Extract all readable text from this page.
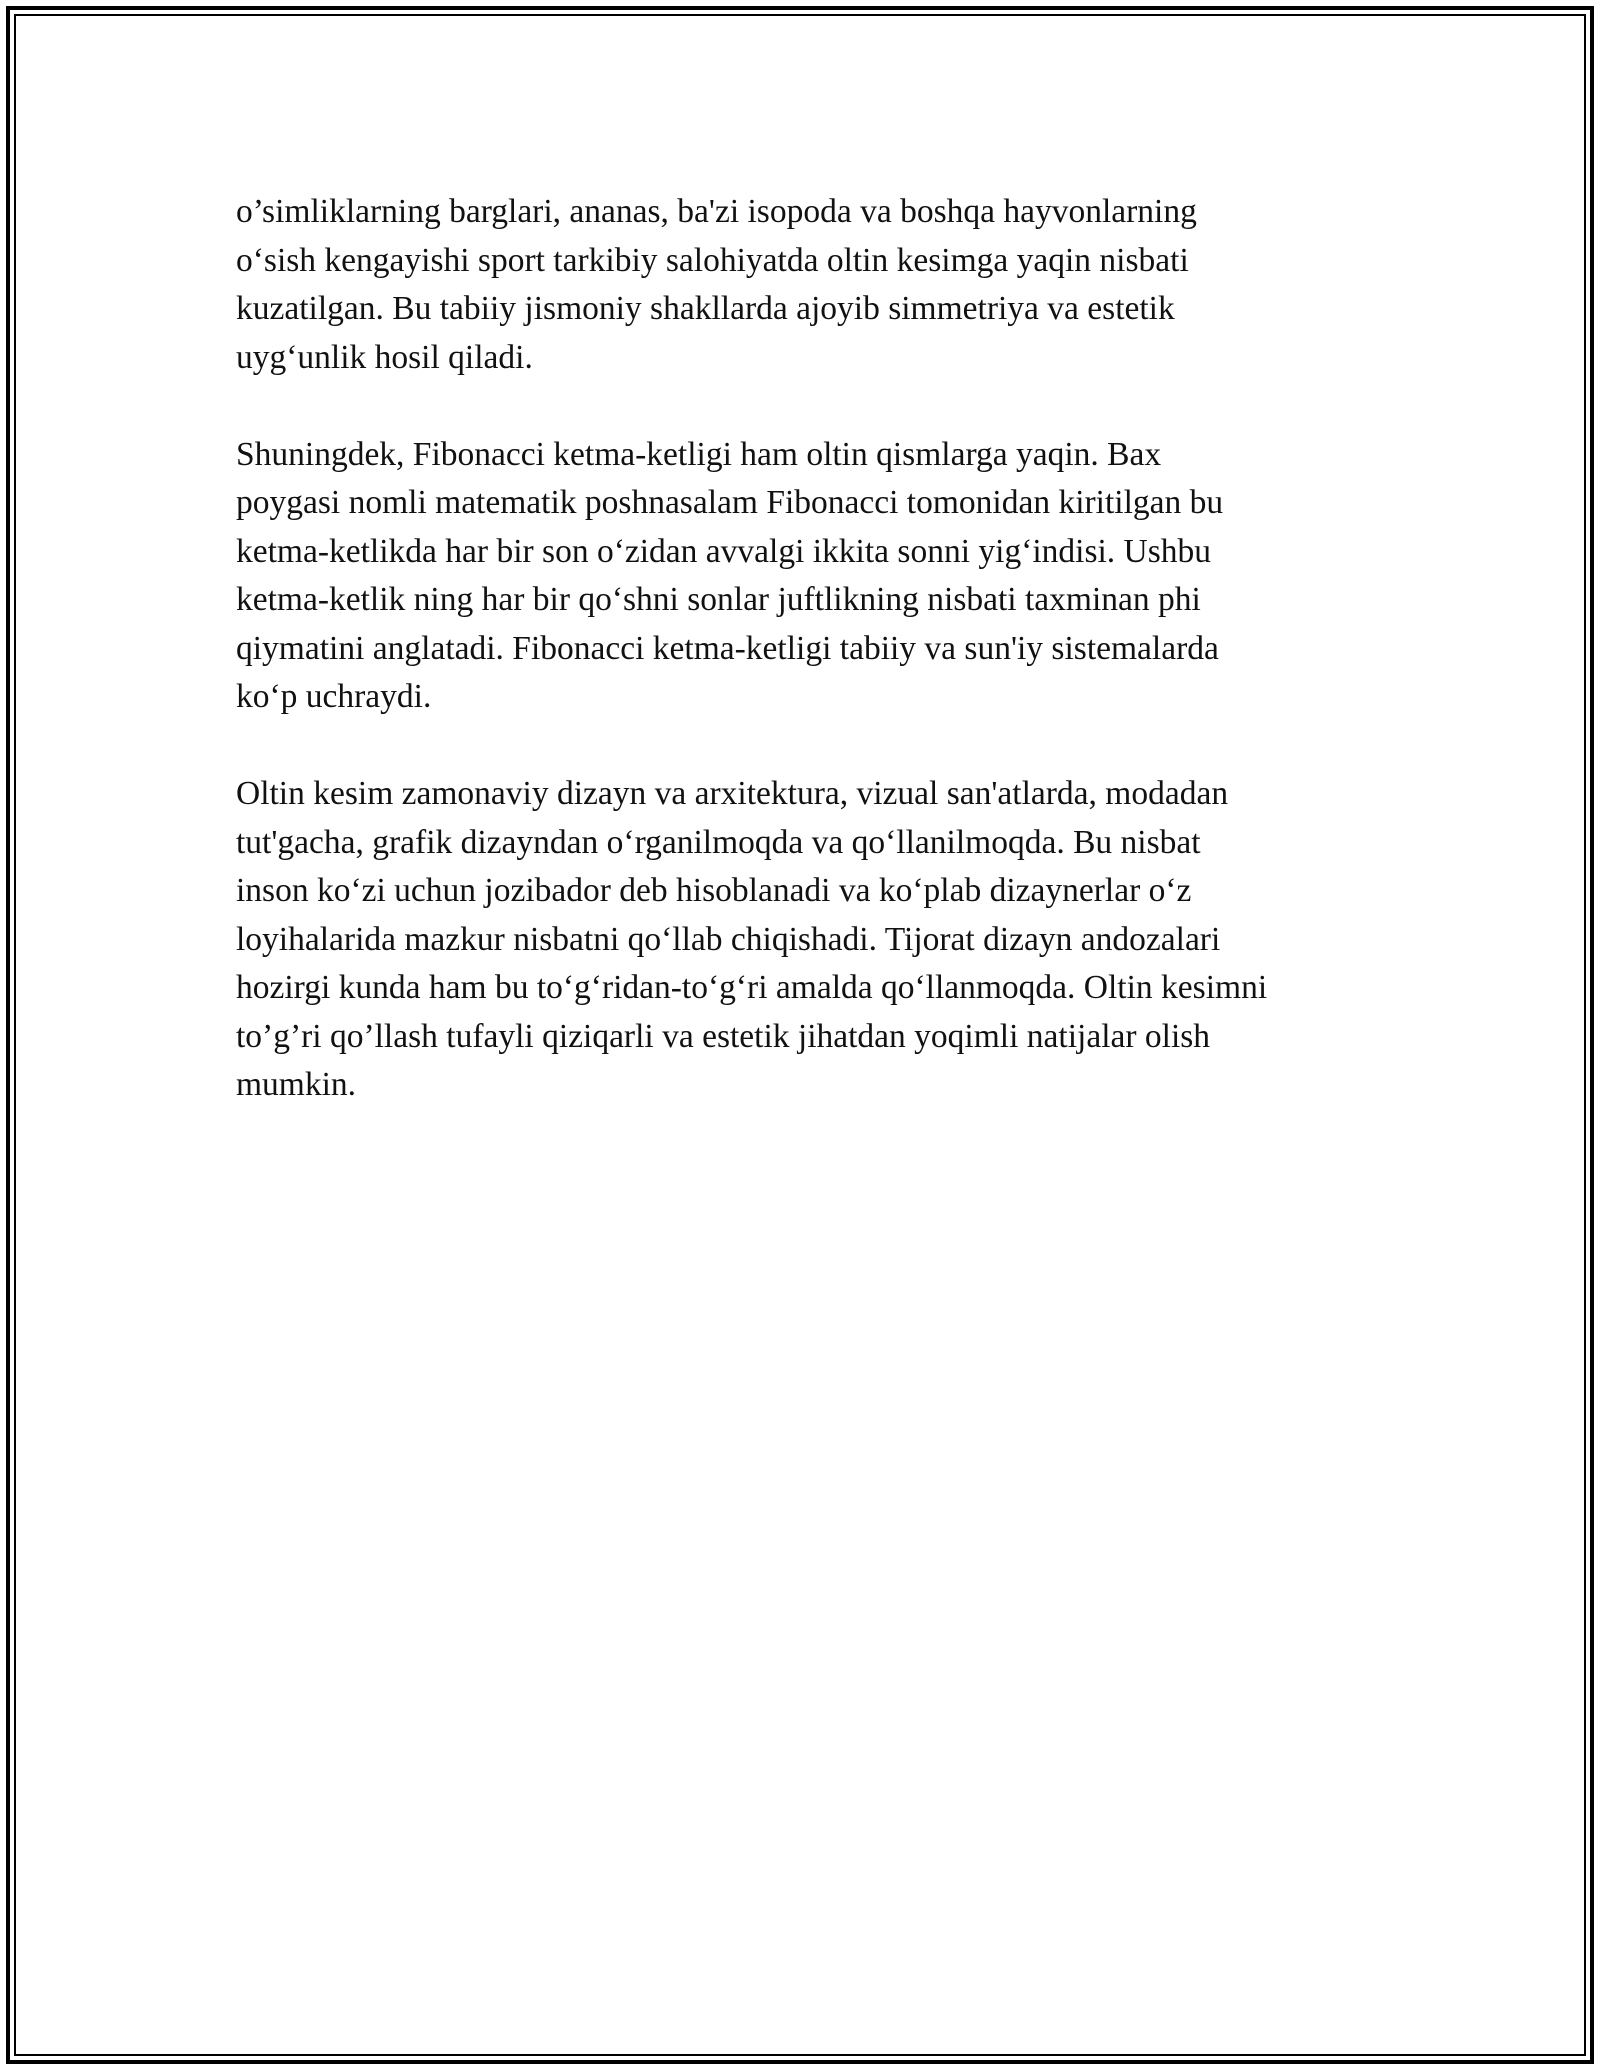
o’simliklarning barglari, ananas, ba'zi isopoda va boshqa hayvonlarning
o‘sish kengayishi sport tarkibiy salohiyatda oltin kesimga yaqin nisbati
kuzatilgan. Bu tabiiy jismoniy shakllarda ajoyib simmetriya va estetik
uyg‘unlik hosil qiladi.

Shuningdek, Fibonacci ketma-ketligi ham oltin qismlarga yaqin. Bax
poygasi nomli matematik poshnasalam Fibonacci tomonidan kiritilgan bu
ketma-ketlikda har bir son o‘zidan avvalgi ikkita sonni yig‘indisi. Ushbu
ketma-ketlik ning har bir qo‘shni sonlar juftlikning nisbati taxminan phi
qiymatini anglatadi. Fibonacci ketma-ketligi tabiiy va sun'iy sistemalarda
ko‘p uchraydi.

Oltin kesim zamonaviy dizayn va arxitektura, vizual san'atlarda, modadan
tut'gacha, grafik dizayndan o‘rganilmoqda va qo‘llanilmoqda. Bu nisbat
inson ko‘zi uchun jozibador deb hisoblanadi va ko‘plab dizaynerlar o‘z
loyihalarida mazkur nisbatni qo‘llab chiqishadi. Tijorat dizayn andozalari
hozirgi kunda ham bu to‘g‘ridan-to‘g‘ri amalda qo‘llanmoqda. Oltin kesimni
to’g’ri qo’llash tufayli qiziqarli va estetik jihatdan yoqimli natijalar olish
mumkin.
